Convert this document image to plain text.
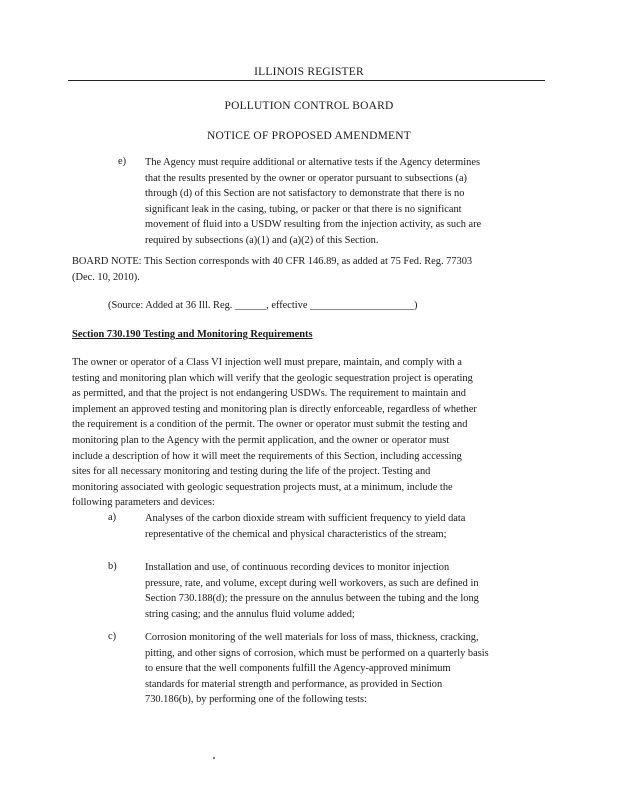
ILLINOIS REGISTER
POLLUTION CONTROL BOARD
NOTICE OF PROPOSED AMENDMENT
e) The Agency must require additional or alternative tests if the Agency determines
that the results presented by the owner or operator pursuant to subsections (a)
through (d) of this Section are not satisfactory to demonstrate that there is no
significant leak in the casing, tubing, or packer or that there is no significant
movement of fluid into a USDW resulting from the injection activity, as such are
required by subsections (a)(1) and (a)(2) of this Section.
BOARD NOTE: This Section corresponds with 40 CFR 146.89, as added at 75 Fed. Reg. 77303
(Dec. 10, 2010).
(Source: Added at 36 Ill. Reg. ______, effective ____________________)
Section 730.190 Testing and Monitoring Requirements
The owner or operator of a Class VI injection well must prepare, maintain, and comply with a
testing and monitoring plan which will verify that the geologic sequestration project is operating
as permitted, and that the project is not endangering USDWs. The requirement to maintain and
implement an approved testing and monitoring plan is directly enforceable, regardless of whether
the requirement is a condition of the permit. The owner or operator must submit the testing and
monitoring plan to the Agency with the permit application, and the owner or operator must
include a description of how it will meet the requirements of this Section, including accessing
sites for all necessary monitoring and testing during the life of the project. Testing and
monitoring associated with geologic sequestration projects must, at a minimum, include the
following parameters and devices:
a)	Analyses of the carbon dioxide stream with sufficient frequency to yield data
representative of the chemical and physical characteristics of the stream;
b)	Installation and use, of continuous recording devices to monitor injection
pressure, rate, and volume, except during well workovers, as such are defined in
Section 730.188(d); the pressure on the annulus between the tubing and the long
string casing; and the annulus fluid volume added;
c)	Corrosion monitoring of the well materials for loss of mass, thickness, cracking,
pitting, and other signs of corrosion, which must be performed on a quarterly basis
to ensure that the well components fulfill the Agency-approved minimum
standards for material strength and performance, as provided in Section
730.186(b), by performing one of the following tests:
